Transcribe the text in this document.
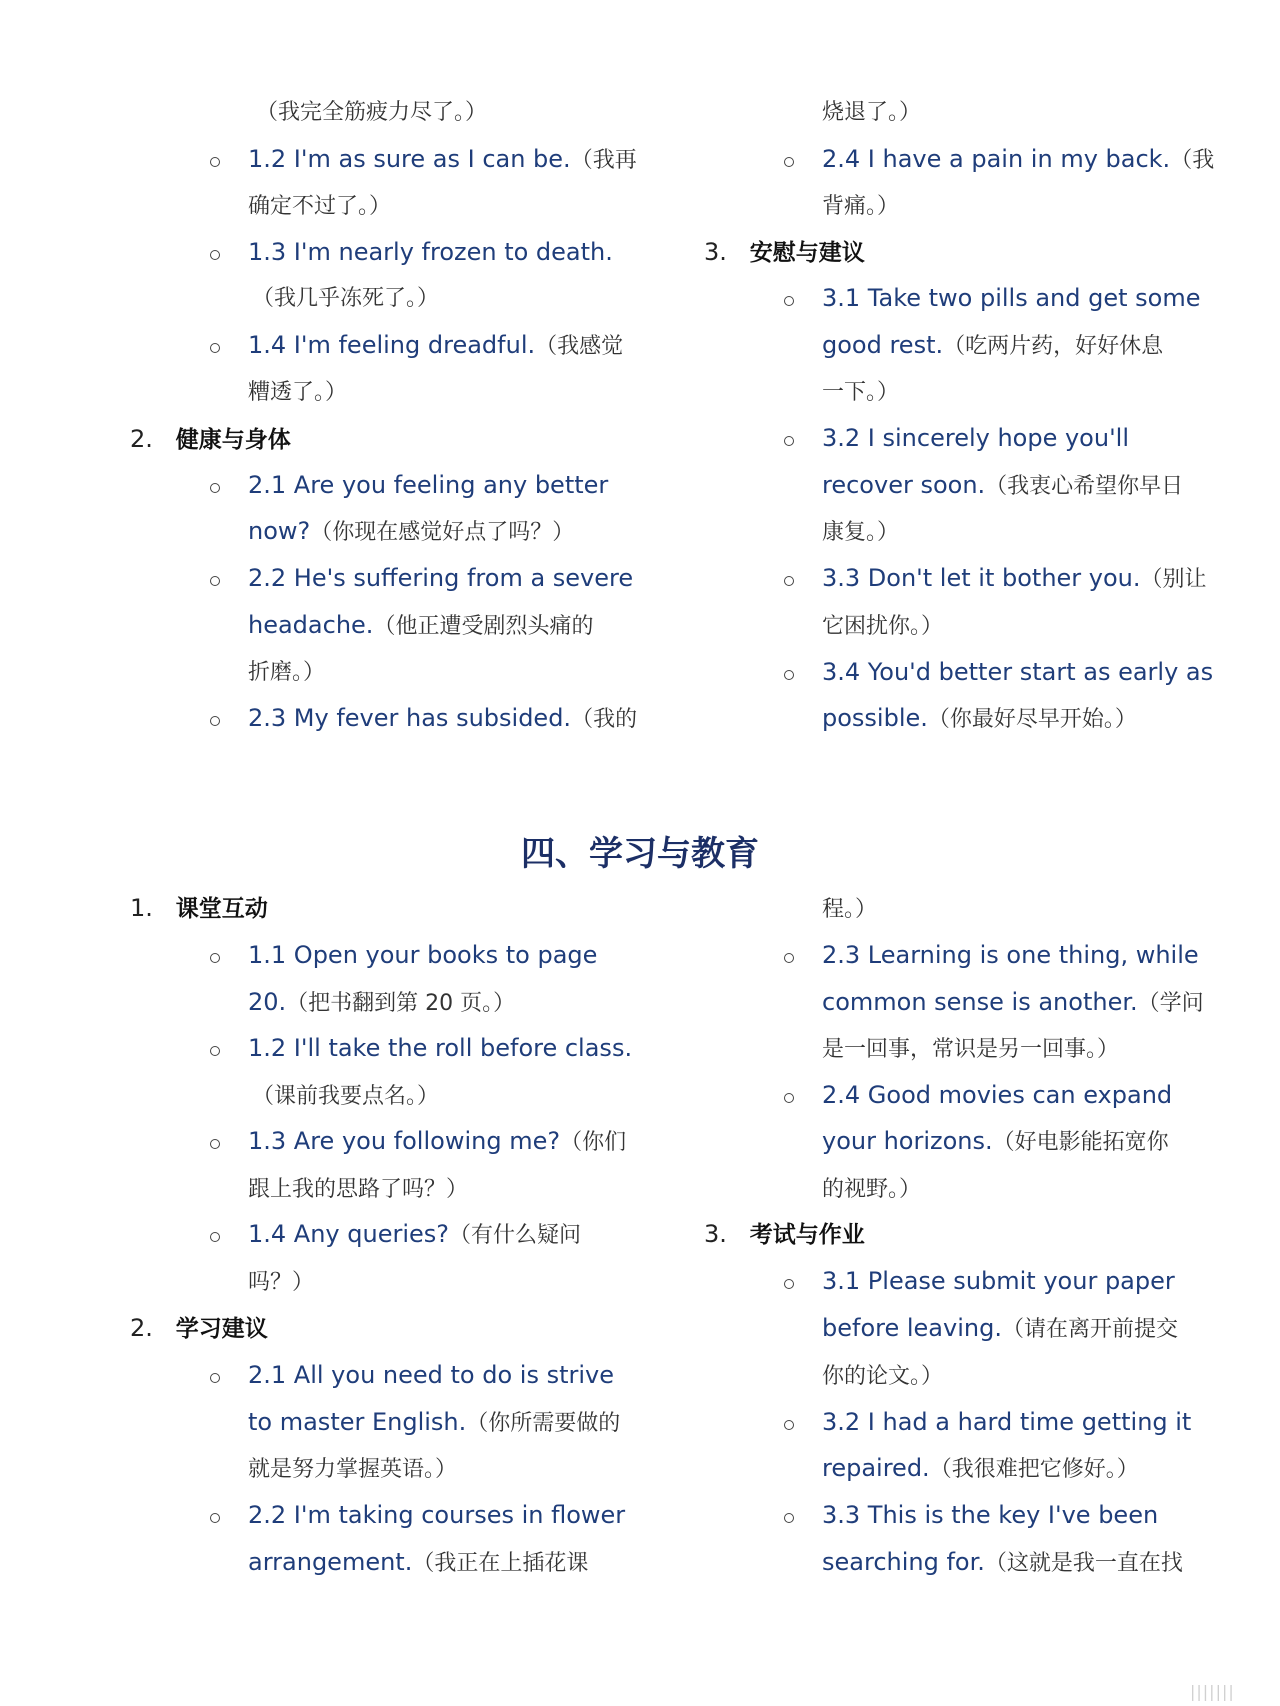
（我完全筋疲力尽了。）
1.2 I'm as sure as I can be.（我再
确定不过了。）
1.3 I'm nearly frozen to death.
（我几乎冻死了。）
1.4 I'm feeling dreadful.（我感觉
糟透了。）
2. 健康与身体
2.1 Are you feeling any better
now?（你现在感觉好点了吗？）
2.2 He's suffering from a severe
headache.（他正遭受剧烈头痛的
折磨。）
2.3 My fever has subsided.（我的
烧退了。）
2.4 I have a pain in my back.（我
背痛。）
3. 安慰与建议
3.1 Take two pills and get some
good rest.（吃两片药，好好休息
一下。）
3.2 I sincerely hope you'll
recover soon.（我衷心希望你早日
康复。）
3.3 Don't let it bother you.（别让
它困扰你。）
3.4 You'd better start as early as
possible.（你最好尽早开始。）
四、学习与教育
1. 课堂互动
1.1 Open your books to page
20.（把书翻到第 20 页。）
1.2 I'll take the roll before class.
（课前我要点名。）
1.3 Are you following me?（你们
跟上我的思路了吗？）
1.4 Any queries?（有什么疑问
吗？）
2. 学习建议
2.1 All you need to do is strive
to master English.（你所需要做的
就是努力掌握英语。）
2.2 I'm taking courses in flower
arrangement.（我正在上插花课
程。）
2.3 Learning is one thing, while
common sense is another.（学问
是一回事，常识是另一回事。）
2.4 Good movies can expand
your horizons.（好电影能拓宽你
的视野。）
3. 考试与作业
3.1 Please submit your paper
before leaving.（请在离开前提交
你的论文。）
3.2 I had a hard time getting it
repaired.（我很难把它修好。）
3.3 This is the key I've been
searching for.（这就是我一直在找
|||||||
